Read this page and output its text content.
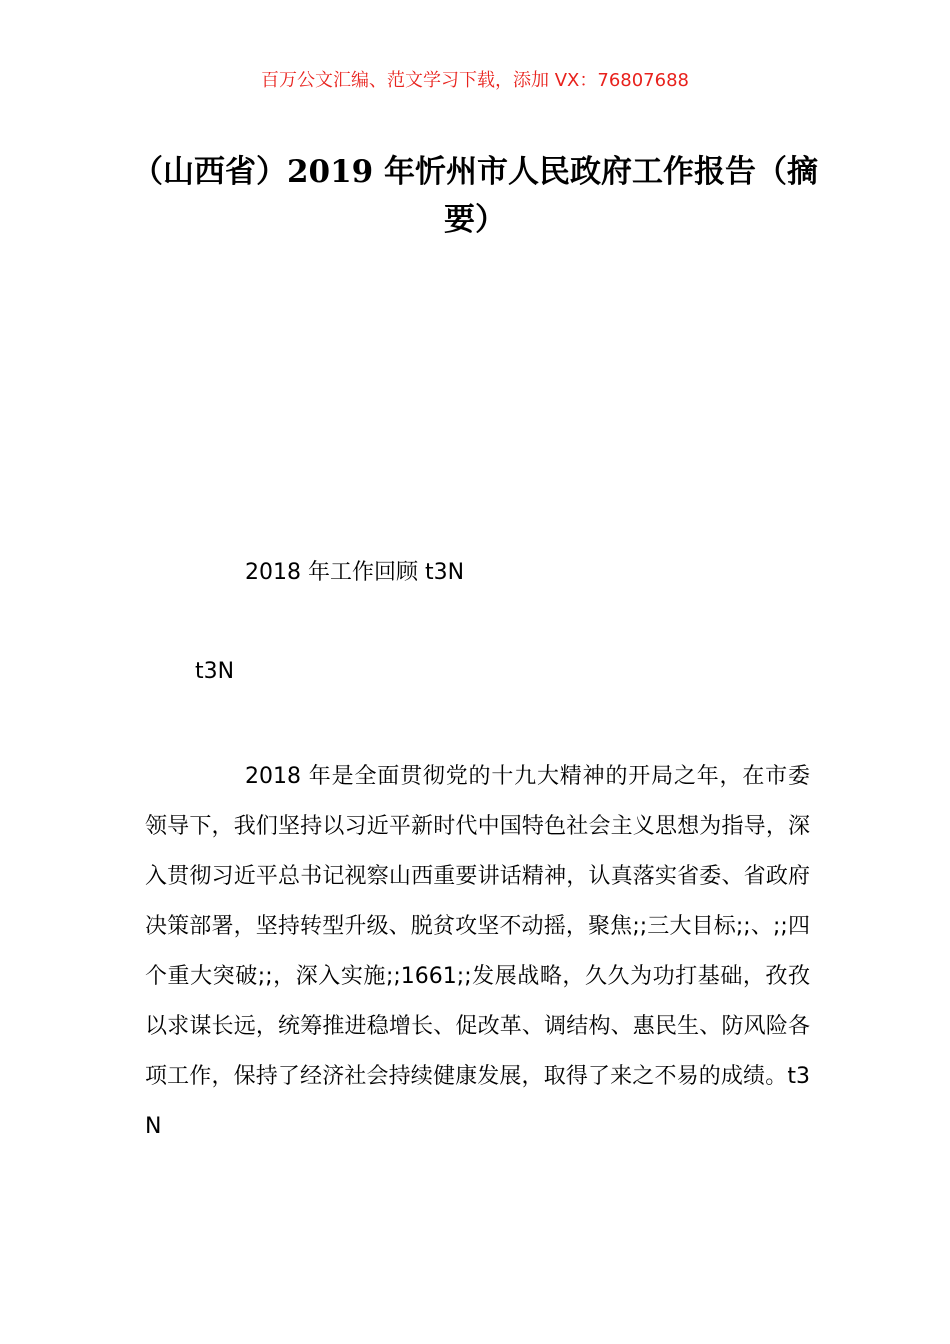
百万公文汇编、范文学习下载，添加 VX：76807688
（山西省）2019 年忻州市人民政府工作报告（摘要）
2018 年工作回顾 t3N
t3N

2018 年是全面贯彻党的十九大精神的开局之年，在市委领导下，我们坚持以习近平新时代中国特色社会主义思想为指导，深入贯彻习近平总书记视察山西重要讲话精神，认真落实省委、省政府决策部署，坚持转型升级、脱贫攻坚不动摇，聚焦;;三大目标;;、;;四个重大突破;;，深入实施;;1661;;发展战略，久久为功打基础，孜孜以求谋长远，统筹推进稳增长、促改革、调结构、惠民生、防风险各项工作，保持了经济社会持续健康发展，取得了来之不易的成绩。t3N
